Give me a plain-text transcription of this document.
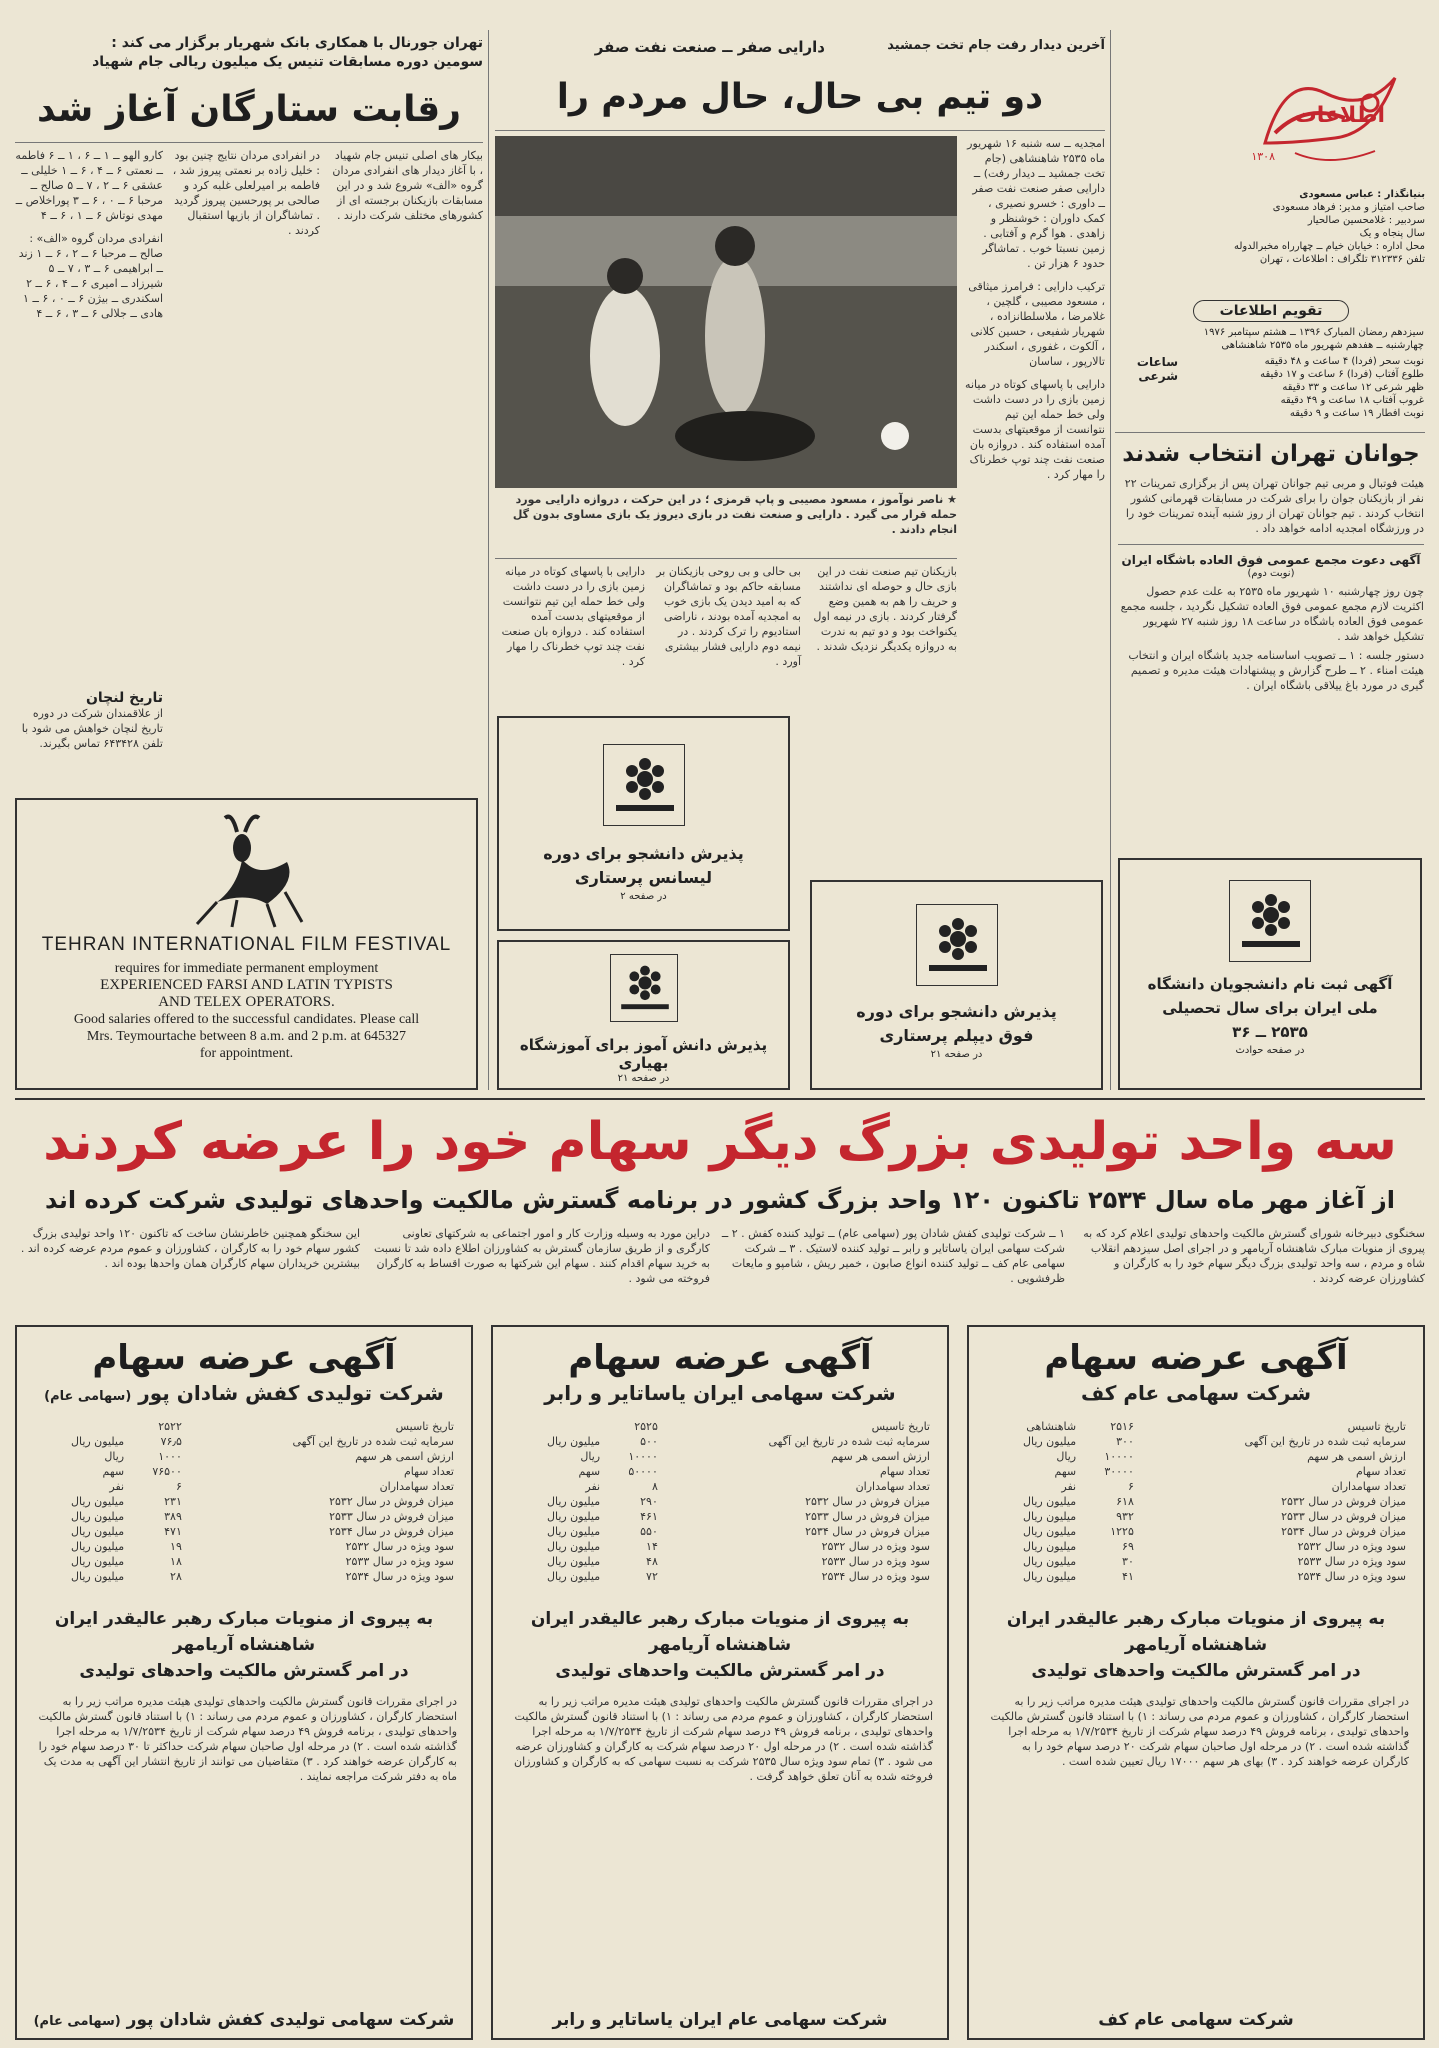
اطلاعات
۱۳۰۸
بنیانگذار : عباس مسعودی
صاحب امتیاز و مدیر: فرهاد مسعودی
سردبیر : غلامحسین صالحیار
سال پنجاه و یک
محل اداره : خیابان خیام ــ چهارراه مخبرالدوله
تلفن ۳۱۲۳۳۶ تلگراف : اطلاعات ، تهران
تقویم اطلاعات
سیزدهم رمضان المبارک ۱۳۹۶ ــ هشتم سپتامبر ۱۹۷۶
چهارشنبه ــ هفدهم شهریور ماه ۲۵۳۵ شاهنشاهی
ساعات شرعی
نوبت سحر (فردا) ۴ ساعت و ۴۸ دقیقه
طلوع آفتاب (فردا) ۶ ساعت و ۱۷ دقیقه
ظهر شرعی ۱۲ ساعت و ۳۳ دقیقه
غروب آفتاب ۱۸ ساعت و ۴۹ دقیقه
نوبت افطار ۱۹ ساعت و ۹ دقیقه
جوانان تهران انتخاب شدند
هیئت فوتبال و مربی تیم جوانان تهران پس از برگزاری تمرینات ۲۲ نفر از بازیکنان جوان را برای شرکت در مسابقات قهرمانی کشور انتخاب کردند . تیم جوانان تهران از روز شنبه آینده تمرینات خود را در ورزشگاه امجدیه ادامه خواهد داد .
آگهی دعوت مجمع عمومی فوق العاده باشگاه ایران
(نوبت دوم)
چون روز چهارشنبه ۱۰ شهریور ماه ۲۵۳۵ به علت عدم حصول اکثریت لازم مجمع عمومی فوق العاده تشکیل نگردید ، جلسه مجمع عمومی فوق العاده باشگاه در ساعت ۱۸ روز شنبه ۲۷ شهریور تشکیل خواهد شد .
دستور جلسه : ۱ ــ تصویب اساسنامه جدید باشگاه ایران و انتخاب هیئت امناء . ۲ ــ طرح گزارش و پیشنهادات هیئت مدیره و تصمیم گیری در مورد باغ ییلاقی باشگاه ایران .
آگهی ثبت نام دانشجویان دانشگاه
ملی ایران برای سال تحصیلی
۲۵۳۵ ــ ۳۶
در صفحه حوادث
آخرین دیدار رفت جام تخت جمشید
دارایی صفر ــ صنعت نفت صفر
دو تیم بی حال، حال مردم را
امجدیه ــ سه شنبه ۱۶ شهریور ماه ۲۵۳۵ شاهنشاهی (جام تخت جمشید ــ دیدار رفت) ــ دارایی صفر صنعت نفت صفر ــ داوری : خسرو نصیری ، کمک داوران : خوشنظر و زاهدی . هوا گرم و آفتابی . زمین نسبتا خوب . تماشاگر حدود ۶ هزار تن .
ترکیب دارایی : فرامرز میثاقی ، مسعود مصیبی ، گلچین ، غلامرضا ، ملاسلطانزاده ، شهریار شفیعی ، حسین کلانی ، آلکوت ، غفوری ، اسکندر تالارپور ، ساسان
دارایی با پاسهای کوتاه در میانه زمین بازی را در دست داشت ولی خط حمله این تیم نتوانست از موقعیتهای بدست آمده استفاده کند . دروازه بان صنعت نفت چند توپ خطرناک را مهار کرد .
★ ناصر نوآموز ، مسعود مصیبی و پاپ قرمزی ؛ در این حرکت ، دروازه دارایی مورد حمله قرار می گیرد . دارایی و صنعت نفت در بازی دیروز یک بازی مساوی بدون گل انجام دادند .
بازیکنان تیم صنعت نفت در این بازی حال و حوصله ای نداشتند و حریف را هم به همین وضع گرفتار کردند . بازی در نیمه اول یکنواخت بود و دو تیم به ندرت به دروازه یکدیگر نزدیک شدند .
بی حالی و بی روحی بازیکنان بر مسابقه حاکم بود و تماشاگران که به امید دیدن یک بازی خوب به امجدیه آمده بودند ، ناراضی استادیوم را ترک کردند . در نیمه دوم دارایی فشار بیشتری آورد .
دارایی با پاسهای کوتاه در میانه زمین بازی را در دست داشت ولی خط حمله این تیم نتوانست از موقعیتهای بدست آمده استفاده کند . دروازه بان صنعت نفت چند توپ خطرناک را مهار کرد .
پذیرش دانشجو برای دوره
لیسانس پرستاری
در صفحه ۲
پذیرش دانشجو برای دوره
فوق دیپلم پرستاری
در صفحه ۲۱
پذیرش دانش آموز برای آموزشگاه بهیاری
در صفحه ۲۱
تهران جورنال با همکاری بانک شهریار برگزار می کند :
سومین دوره مسابقات تنیس یک میلیون ریالی جام شهیاد
رقابت ستارگان آغاز شد
بیکار های اصلی تنیس جام شهیاد ، با آغاز دیدار های انفرادی مردان گروه «الف» شروع شد و در این مسابقات بازیکنان برجسته ای از کشورهای مختلف شرکت دارند .
در انفرادی مردان نتایج چنین بود : خلیل زاده بر نعمتی پیروز شد ، فاطمه بر امیرلعلی غلبه کرد و صالحی بر پورحسین پیروز گردید . تماشاگران از بازیها استقبال کردند .
کارو الهو ــ ۱ ــ ۶ ، ۱ ــ ۶ فاطمه ــ نعمتی ۶ ــ ۴ ، ۶ ــ ۱ خلیلی ــ عشقی ۶ ــ ۲ ، ۷ ــ ۵ صالح ــ مرحبا ۶ ــ ۰ ، ۶ ــ ۳ پوراخلاص ــ مهدی نوتاش ۶ ــ ۱ ، ۶ ــ ۴
انفرادی مردان گروه «الف» : صالح ــ مرحبا ۶ ــ ۲ ، ۶ ــ ۱ زند ــ ابراهیمی ۶ ــ ۳ ، ۷ ــ ۵ شیرزاد ــ امیری ۶ ــ ۴ ، ۶ ــ ۲ اسکندری ــ بیژن ۶ ــ ۰ ، ۶ ــ ۱ هادی ــ جلالی ۶ ــ ۳ ، ۶ ــ ۴
تاریخ لنچان
از علاقمندان شرکت در دوره تاریخ لنچان خواهش می شود با تلفن ۶۴۳۴۲۸ تماس بگیرند.
TEHRAN INTERNATIONAL FILM FESTIVAL
requires for immediate permanent employment
EXPERIENCED FARSI AND LATIN TYPISTS
AND TELEX OPERATORS.
Good salaries offered to the successful candidates. Please call
Mrs. Teymourtache between 8 a.m. and 2 p.m. at 645327
for appointment.
سه واحد تولیدی بزرگ دیگر سهام خود را عرضه کردند
از آغاز مهر ماه سال ۲۵۳۴ تاکنون ۱۲۰ واحد بزرگ کشور در برنامه گسترش مالکیت واحدهای تولیدی شرکت کرده اند
سخنگوی دبیرخانه شورای گسترش مالکیت واحدهای تولیدی اعلام کرد که به پیروی از منویات مبارک شاهنشاه آریامهر و در اجرای اصل سیزدهم انقلاب شاه و مردم ، سه واحد تولیدی بزرگ دیگر سهام خود را به کارگران و کشاورزان عرضه کردند .
۱ ــ شرکت تولیدی کفش شادان پور (سهامی عام) ــ تولید کننده کفش . ۲ ــ شرکت سهامی ایران یاساتایر و رابر ــ تولید کننده لاستیک . ۳ ــ شرکت سهامی عام کف ــ تولید کننده انواع صابون ، خمیر ریش ، شامپو و مایعات ظرفشویی .
دراین مورد به وسیله وزارت کار و امور اجتماعی به شرکتهای تعاونی کارگری و از طریق سازمان گسترش به کشاورزان اطلاع داده شد تا نسبت به خرید سهام اقدام کنند . سهام این شرکتها به صورت اقساط به کارگران فروخته می شود .
این سخنگو همچنین خاطرنشان ساخت که تاکنون ۱۲۰ واحد تولیدی بزرگ کشور سهام خود را به کارگران ، کشاورزان و عموم مردم عرضه کرده اند . بیشترین خریداران سهام کارگران همان واحدها بوده اند .
آگهی عرضه سهام
شرکت تولیدی کفش شادان پور (سهامی عام)
تاریخ تاسیس	۲۵۲۲	
سرمایه ثبت شده در تاریخ این آگهی	۷۶٫۵	میلیون ریال
ارزش اسمی هر سهم	۱۰۰۰	ریال
تعداد سهام	۷۶۵۰۰	سهم
تعداد سهامداران	۶	نفر
میزان فروش در سال ۲۵۳۲	۲۳۱	میلیون ریال
میزان فروش در سال ۲۵۳۳	۳۸۹	میلیون ریال
میزان فروش در سال ۲۵۳۴	۴۷۱	میلیون ریال
سود ویژه در سال ۲۵۳۲	۱۹	میلیون ریال
سود ویژه در سال ۲۵۳۳	۱۸	میلیون ریال
سود ویژه در سال ۲۵۳۴	۲۸	میلیون ریال
به پیروی از منویات مبارک رهبر عالیقدر ایران
شاهنشاه آریامهر
در امر گسترش مالکیت واحدهای تولیدی
در اجرای مقررات قانون گسترش مالکیت واحدهای تولیدی هیئت مدیره مراتب زیر را به استحضار کارگران ، کشاورزان و عموم مردم می رساند : ۱) با استناد قانون گسترش مالکیت واحدهای تولیدی ، برنامه فروش ۴۹ درصد سهام شرکت از تاریخ ۱/۷/۲۵۳۴ به مرحله اجرا گذاشته شده است . ۲) در مرحله اول صاحبان سهام شرکت حداکثر تا ۳۰ درصد سهام خود را به کارگران عرضه خواهند کرد . ۳) متقاضیان می توانند از تاریخ انتشار این آگهی به مدت یک ماه به دفتر شرکت مراجعه نمایند .
شرکت سهامی تولیدی کفش شادان پور (سهامی عام)
آگهی عرضه سهام
شرکت سهامی ایران یاساتایر و رابر
تاریخ تاسیس	۲۵۲۵	
سرمایه ثبت شده در تاریخ این آگهی	۵۰۰	میلیون ریال
ارزش اسمی هر سهم	۱۰۰۰۰	ریال
تعداد سهام	۵۰۰۰۰	سهم
تعداد سهامداران	۸	نفر
میزان فروش در سال ۲۵۳۲	۲۹۰	میلیون ریال
میزان فروش در سال ۲۵۳۳	۴۶۱	میلیون ریال
میزان فروش در سال ۲۵۳۴	۵۵۰	میلیون ریال
سود ویژه در سال ۲۵۳۲	۱۴	میلیون ریال
سود ویژه در سال ۲۵۳۳	۴۸	میلیون ریال
سود ویژه در سال ۲۵۳۴	۷۲	میلیون ریال
به پیروی از منویات مبارک رهبر عالیقدر ایران
شاهنشاه آریامهر
در امر گسترش مالکیت واحدهای تولیدی
در اجرای مقررات قانون گسترش مالکیت واحدهای تولیدی هیئت مدیره مراتب زیر را به استحضار کارگران ، کشاورزان و عموم مردم می رساند : ۱) با استناد قانون گسترش مالکیت واحدهای تولیدی ، برنامه فروش ۴۹ درصد سهام شرکت از تاریخ ۱/۷/۲۵۳۴ به مرحله اجرا گذاشته شده است . ۲) در مرحله اول ۲۰ درصد سهام شرکت به کارگران و کشاورزان عرضه می شود . ۳) تمام سود ویژه سال ۲۵۳۵ شرکت به نسبت سهامی که به کارگران و کشاورزان فروخته شده به آنان تعلق خواهد گرفت .
شرکت سهامی عام ایران یاساتایر و رابر
آگهی عرضه سهام
شرکت سهامی عام کف
تاریخ تاسیس	۲۵۱۶	شاهنشاهی
سرمایه ثبت شده در تاریخ این آگهی	۳۰۰	میلیون ریال
ارزش اسمی هر سهم	۱۰۰۰۰	ریال
تعداد سهام	۳۰۰۰۰	سهم
تعداد سهامداران	۶	نفر
میزان فروش در سال ۲۵۳۲	۶۱۸	میلیون ریال
میزان فروش در سال ۲۵۳۳	۹۳۲	میلیون ریال
میزان فروش در سال ۲۵۳۴	۱۲۲۵	میلیون ریال
سود ویژه در سال ۲۵۳۲	۶۹	میلیون ریال
سود ویژه در سال ۲۵۳۳	۳۰	میلیون ریال
سود ویژه در سال ۲۵۳۴	۴۱	میلیون ریال
به پیروی از منویات مبارک رهبر عالیقدر ایران
شاهنشاه آریامهر
در امر گسترش مالکیت واحدهای تولیدی
در اجرای مقررات قانون گسترش مالکیت واحدهای تولیدی هیئت مدیره مراتب زیر را به استحضار کارگران ، کشاورزان و عموم مردم می رساند : ۱) با استناد قانون گسترش مالکیت واحدهای تولیدی ، برنامه فروش ۴۹ درصد سهام شرکت از تاریخ ۱/۷/۲۵۳۴ به مرحله اجرا گذاشته شده است . ۲) در مرحله اول صاحبان سهام شرکت ۲۰ درصد سهام خود را به کارگران عرضه خواهند کرد . ۳) بهای هر سهم ۱۷۰۰۰ ریال تعیین شده است .
شرکت سهامی عام کف
